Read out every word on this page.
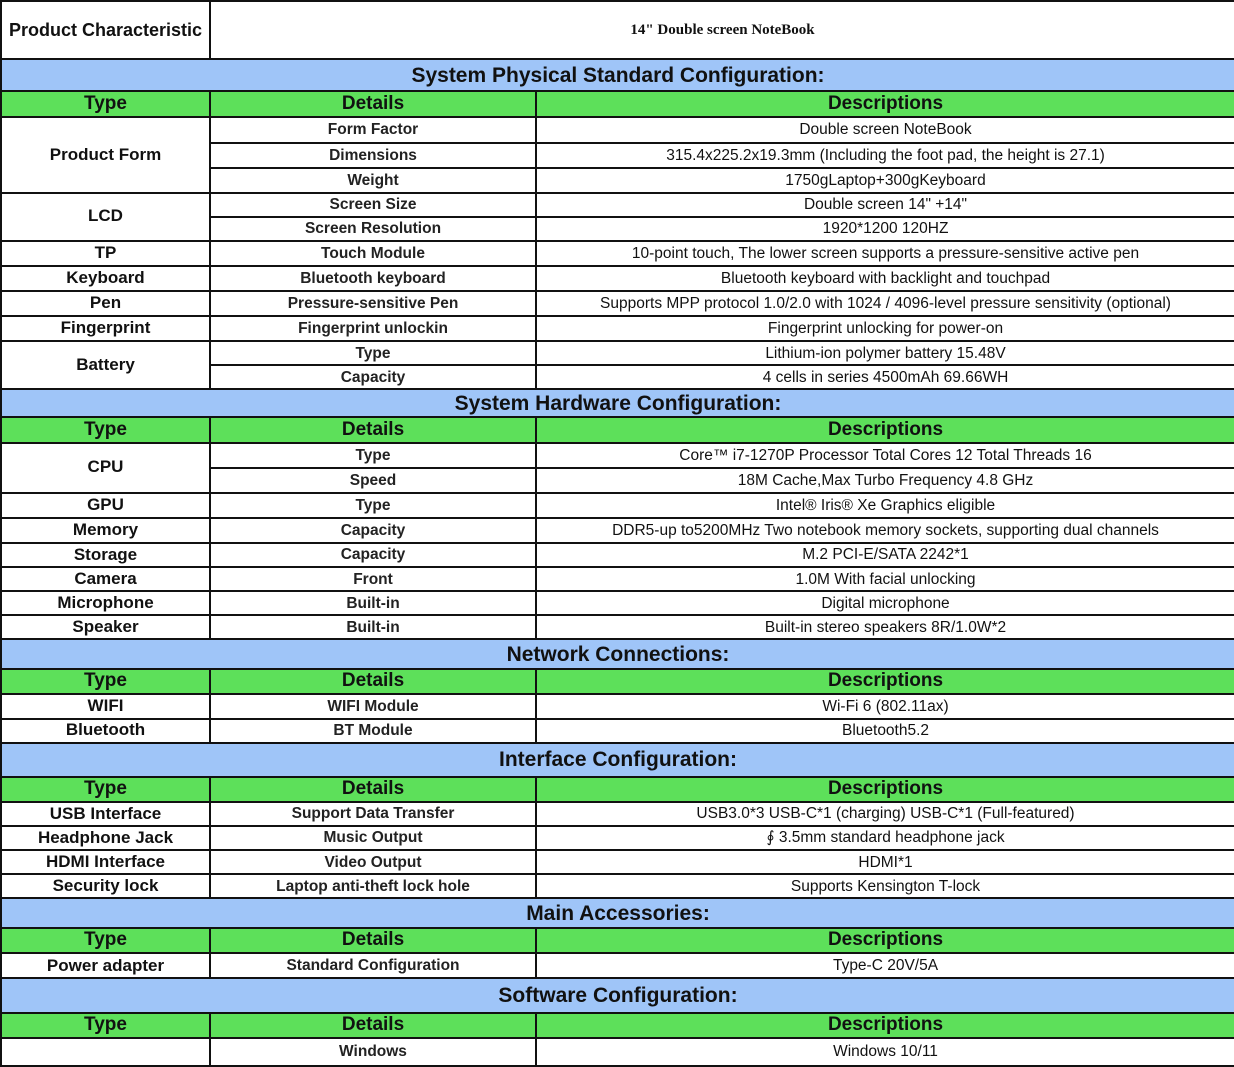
Product Characteristic	14" Double screen NoteBook	
System Physical Standard Configuration:		
Type	Details	Descriptions
Product Form	Form Factor	Double screen NoteBook
	Dimensions	315.4x225.2x19.3mm (Including the foot pad, the height is 27.1)
	Weight	1750gLaptop+300gKeyboard
LCD	Screen Size	Double screen 14" +14"
	Screen Resolution	1920*1200 120HZ
TP	Touch Module	10-point touch, The lower screen supports a pressure-sensitive active pen
Keyboard	Bluetooth keyboard	Bluetooth keyboard with backlight and touchpad
Pen	Pressure-sensitive Pen	Supports MPP protocol 1.0/2.0 with 1024 / 4096-level pressure sensitivity (optional)
Fingerprint	Fingerprint unlockin	Fingerprint unlocking for power-on
Battery	Type	Lithium-ion polymer battery 15.48V
	Capacity	4 cells in series 4500mAh 69.66WH
System Hardware Configuration:		
Type	Details	Descriptions
CPU	Type	Core™ i7-1270P Processor Total Cores 12 Total Threads 16
	Speed	18M Cache,Max Turbo Frequency 4.8 GHz
GPU	Type	Intel® Iris® Xe Graphics eligible
Memory	Capacity	DDR5-up to5200MHz Two notebook memory sockets, supporting dual channels
Storage	Capacity	M.2 PCI-E/SATA 2242*1
Camera	Front	1.0M With facial unlocking
Microphone	Built-in	Digital microphone
Speaker	Built-in	Built-in stereo speakers 8R/1.0W*2
Network Connections:		
Type	Details	Descriptions
WIFI	WIFI Module	Wi-Fi 6 (802.11ax)
Bluetooth	BT Module	Bluetooth5.2
Interface Configuration:		
Type	Details	Descriptions
USB Interface	Support Data Transfer	USB3.0*3 USB-C*1 (charging) USB-C*1 (Full-featured)
Headphone Jack	Music Output	∮ 3.5mm standard headphone jack
HDMI Interface	Video Output	HDMI*1
Security lock	Laptop anti-theft lock hole	Supports Kensington T-lock
Main Accessories:		
Type	Details	Descriptions
Power adapter	Standard Configuration	Type-C 20V/5A
Software Configuration:		
Type	Details	Descriptions
	Windows	Windows 10/11
